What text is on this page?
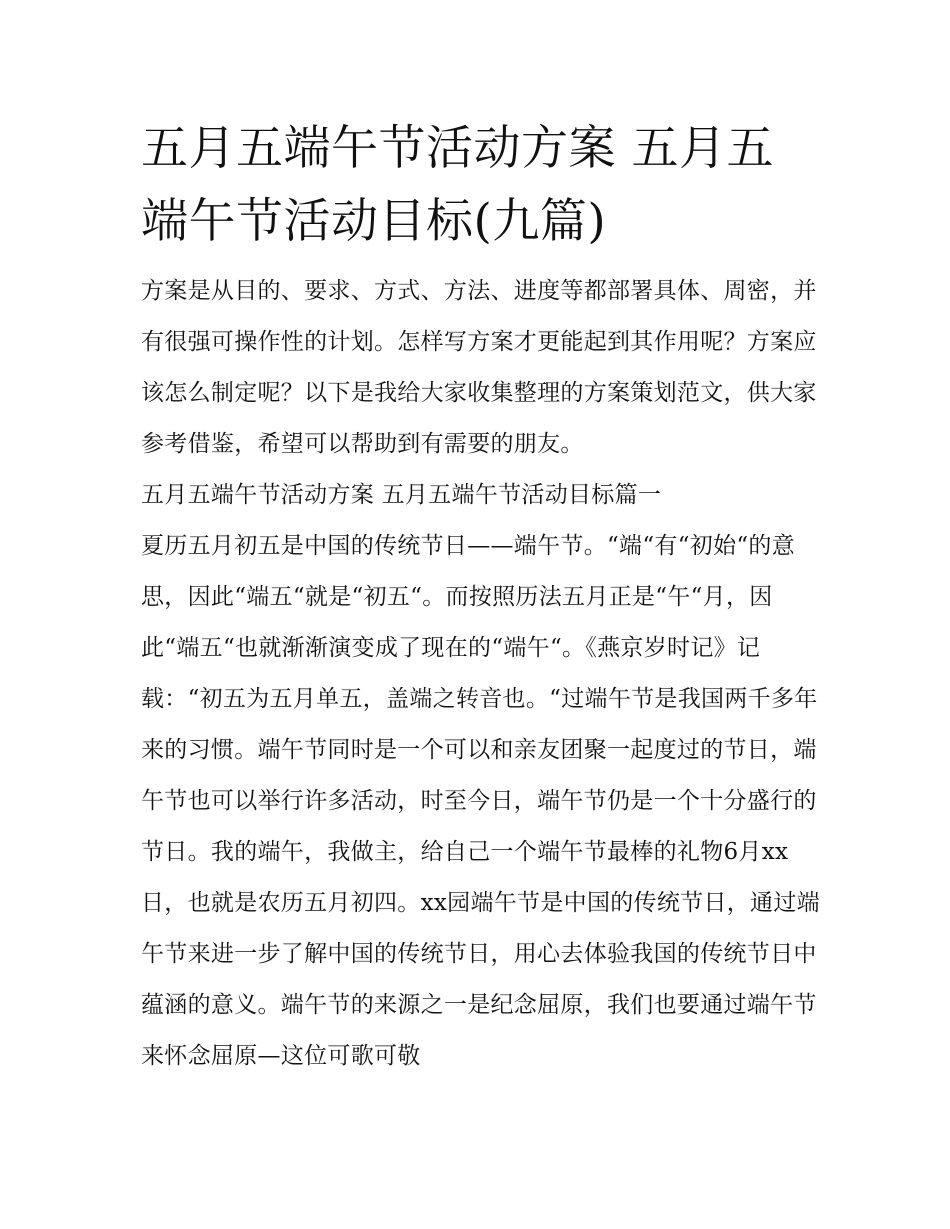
五月五端午节活动方案 五月五端午节活动目标(九篇)

方案是从目的、要求、方式、方法、进度等都部署具体、周密，并有很强可操作性的计划。怎样写方案才更能起到其作用呢？方案应该怎么制定呢？以下是我给大家收集整理的方案策划范文，供大家参考借鉴，希望可以帮助到有需要的朋友。

五月五端午节活动方案 五月五端午节活动目标篇一

夏历五月初五是中国的传统节日——端午节。“端“有“初始“的意思，因此“端五“就是“初五“。而按照历法五月正是“午“月，因此“端五“也就渐渐演变成了现在的“端午“。《燕京岁时记》记载：“初五为五月单五，盖端之转音也。“过端午节是我国两千多年来的习惯。端午节同时是一个可以和亲友团聚一起度过的节日，端午节也可以举行许多活动，时至今日，端午节仍是一个十分盛行的节日。我的端午，我做主，给自己一个端午节最棒的礼物6月xx日，也就是农历五月初四。xx园端午节是中国的传统节日，通过端午节来进一步了解中国的传统节日，用心去体验我国的传统节日中蕴涵的意义。端午节的来源之一是纪念屈原，我们也要通过端午节来怀念屈原—这位可歌可敬
